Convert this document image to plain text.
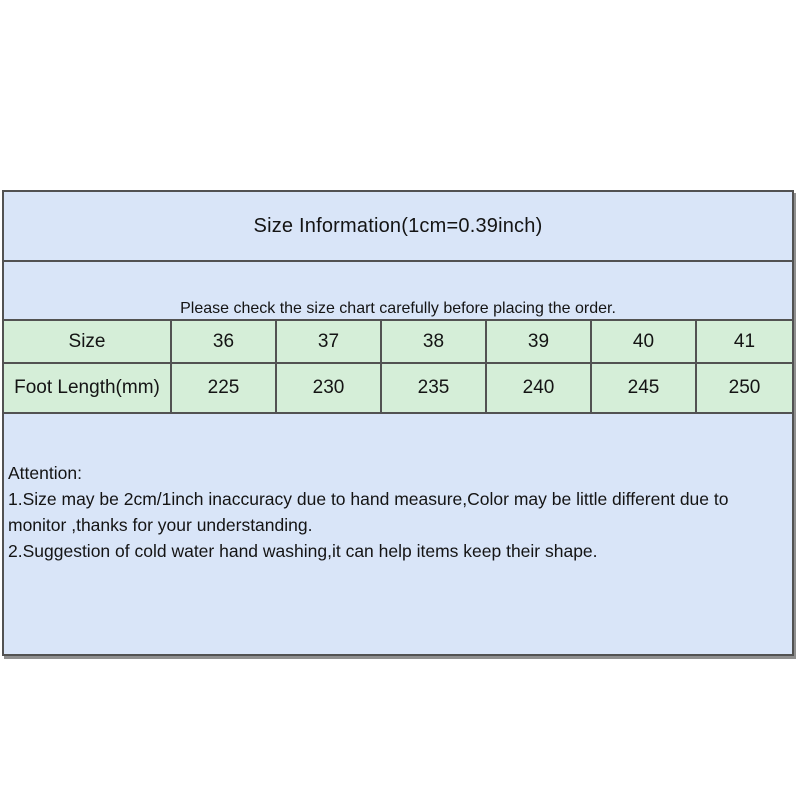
Size Information(1cm=0.39inch)						
Please check the size chart carefully before placing the order.						
Size	36	37	38	39	40	41
Foot Length(mm)	225	230	235	240	245	250

Attention:
1.Size may be 2cm/1inch inaccuracy due to hand measure,Color may be little different due to monitor ,thanks for your understanding.
2.Suggestion of cold water hand washing,it can help items keep their shape.						
